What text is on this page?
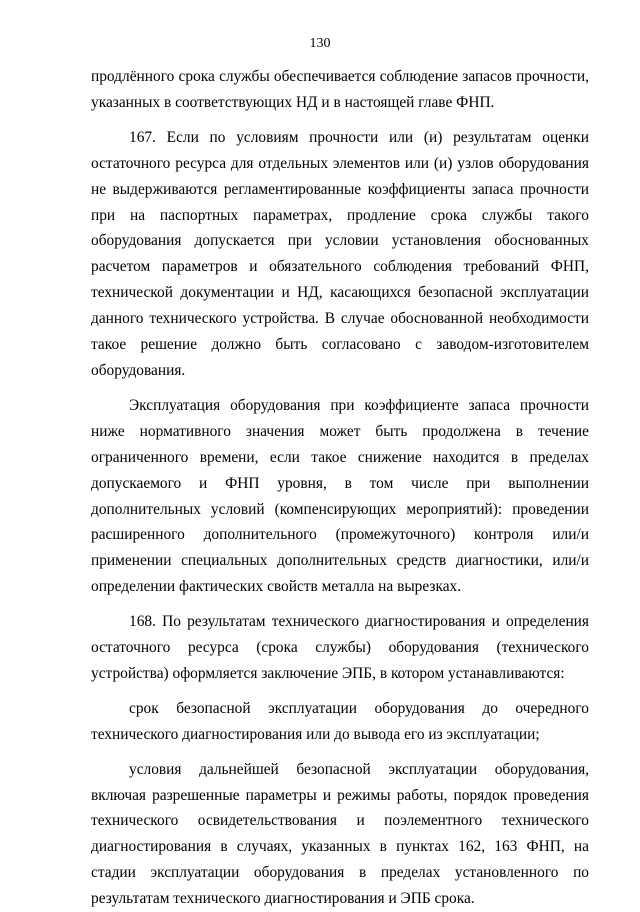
130

продлённого срока службы обеспечивается соблюдение запасов прочности, указанных в соответствующих НД и в настоящей главе ФНП.

167. Если по условиям прочности или (и) результатам оценки остаточного ресурса для отдельных элементов или (и) узлов оборудования не выдерживаются регламентированные коэффициенты запаса прочности при на паспортных параметрах, продление срока службы такого оборудования допускается при условии установления обоснованных расчетом параметров и обязательного соблюдения требований ФНП, технической документации и НД, касающихся безопасной эксплуатации данного технического устройства. В случае обоснованной необходимости такое решение должно быть согласовано с заводом-изготовителем оборудования.

Эксплуатация оборудования при коэффициенте запаса прочности ниже нормативного значения может быть продолжена в течение ограниченного времени, если такое снижение находится в пределах допускаемого и ФНП уровня, в том числе при выполнении дополнительных условий (компенсирующих мероприятий): проведении расширенного дополнительного (промежуточного) контроля или/и применении специальных дополнительных средств диагностики, или/и определении фактических свойств металла на вырезках.

168. По результатам технического диагностирования и определения остаточного ресурса (срока службы) оборудования (технического устройства) оформляется заключение ЭПБ, в котором устанавливаются:

срок безопасной эксплуатации оборудования до очередного технического диагностирования или до вывода его из эксплуатации;

условия дальнейшей безопасной эксплуатации оборудования, включая разрешенные параметры и режимы работы, порядок проведения технического освидетельствования и поэлементного технического диагностирования в случаях, указанных в пунктах 162, 163 ФНП, на стадии эксплуатации оборудования в пределах установленного по результатам технического диагностирования и ЭПБ срока.
